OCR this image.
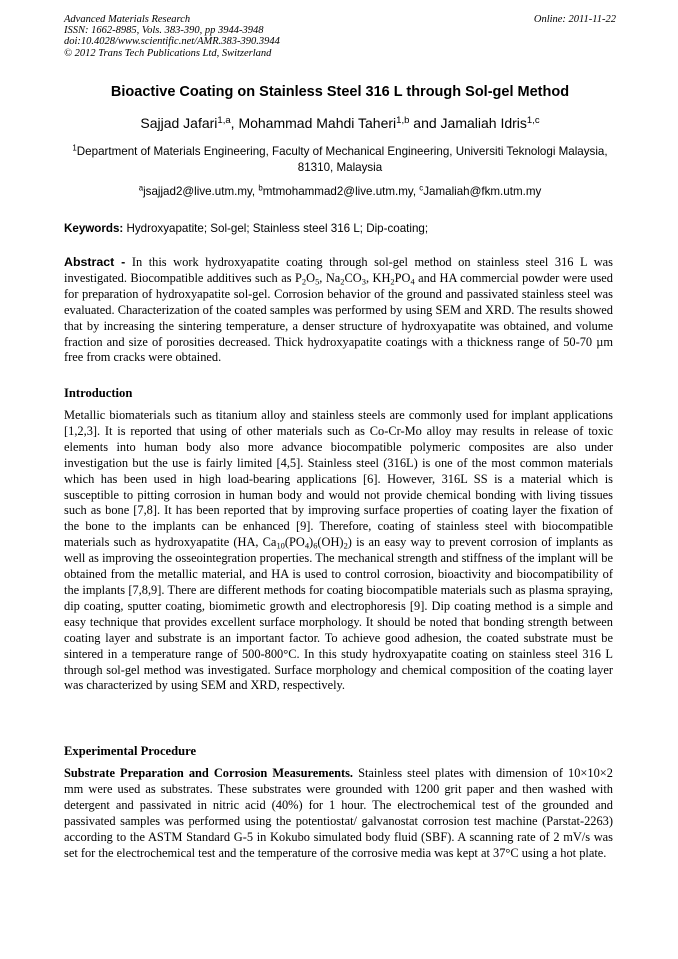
Advanced Materials Research
ISSN: 1662-8985, Vols. 383-390, pp 3944-3948
doi:10.4028/www.scientific.net/AMR.383-390.3944
© 2012 Trans Tech Publications Ltd, Switzerland
Online: 2011-11-22
Bioactive Coating on Stainless Steel 316 L through Sol-gel Method
Sajjad Jafari$^{1,a}$, Mohammad Mahdi Taheri$^{1,b}$ and Jamaliah Idris$^{1,c}$
$^1$Department of Materials Engineering, Faculty of Mechanical Engineering, Universiti Teknologi Malaysia, 81310, Malaysia
$^a$jsajjad2@live.utm.my, $^b$mtmohammad2@live.utm.my, $^c$Jamaliah@fkm.utm.my
Keywords: Hydroxyapatite; Sol-gel; Stainless steel 316 L; Dip-coating;
Abstract - In this work hydroxyapatite coating through sol-gel method on stainless steel 316 L was investigated. Biocompatible additives such as $P_2O_5$, $Na_2CO_3$, $KH_2PO_4$ and HA commercial powder were used for preparation of hydroxyapatite sol-gel. Corrosion behavior of the ground and passivated stainless steel was evaluated. Characterization of the coated samples was performed by using SEM and XRD. The results showed that by increasing the sintering temperature, a denser structure of hydroxyapatite was obtained, and volume fraction and size of porosities decreased. Thick hydroxyapatite coatings with a thickness range of 50-70 µm free from cracks were obtained.
Introduction
Metallic biomaterials such as titanium alloy and stainless steels are commonly used for implant applications [1,2,3]. It is reported that using of other materials such as Co-Cr-Mo alloy may results in release of toxic elements into human body also more advance biocompatible polymeric composites are also under investigation but the use is fairly limited [4,5]. Stainless steel (316L) is one of the most common materials which has been used in high load-bearing applications [6]. However, 316L SS is a material which is susceptible to pitting corrosion in human body and would not provide chemical bonding with living tissues such as bone [7,8]. It has been reported that by improving surface properties of coating layer the fixation of the bone to the implants can be enhanced [9]. Therefore, coating of stainless steel with biocompatible materials such as hydroxyapatite (HA, $Ca_{10}(PO_4)_6(OH)_2$) is an easy way to prevent corrosion of implants as well as improving the osseointegration properties. The mechanical strength and stiffness of the implant will be obtained from the metallic material, and HA is used to control corrosion, bioactivity and biocompatibility of the implants [7,8,9]. There are different methods for coating biocompatible materials such as plasma spraying, dip coating, sputter coating, biomimetic growth and electrophoresis [9]. Dip coating method is a simple and easy technique that provides excellent surface morphology. It should be noted that bonding strength between coating layer and substrate is an important factor. To achieve good adhesion, the coated substrate must be sintered in a temperature range of 500-800°C. In this study hydroxyapatite coating on stainless steel 316 L through sol-gel method was investigated. Surface morphology and chemical composition of the coating layer was characterized by using SEM and XRD, respectively.
Experimental Procedure
Substrate Preparation and Corrosion Measurements. Stainless steel plates with dimension of 10×10×2 mm were used as substrates. These substrates were grounded with 1200 grit paper and then washed with detergent and passivated in nitric acid (40%) for 1 hour. The electrochemical test of the grounded and passivated samples was performed using the potentiostat/ galvanostat corrosion test machine (Parstat-2263) according to the ASTM Standard G-5 in Kokubo simulated body fluid (SBF). A scanning rate of 2 mV/s was set for the electrochemical test and the temperature of the corrosive media was kept at 37°C using a hot plate.
